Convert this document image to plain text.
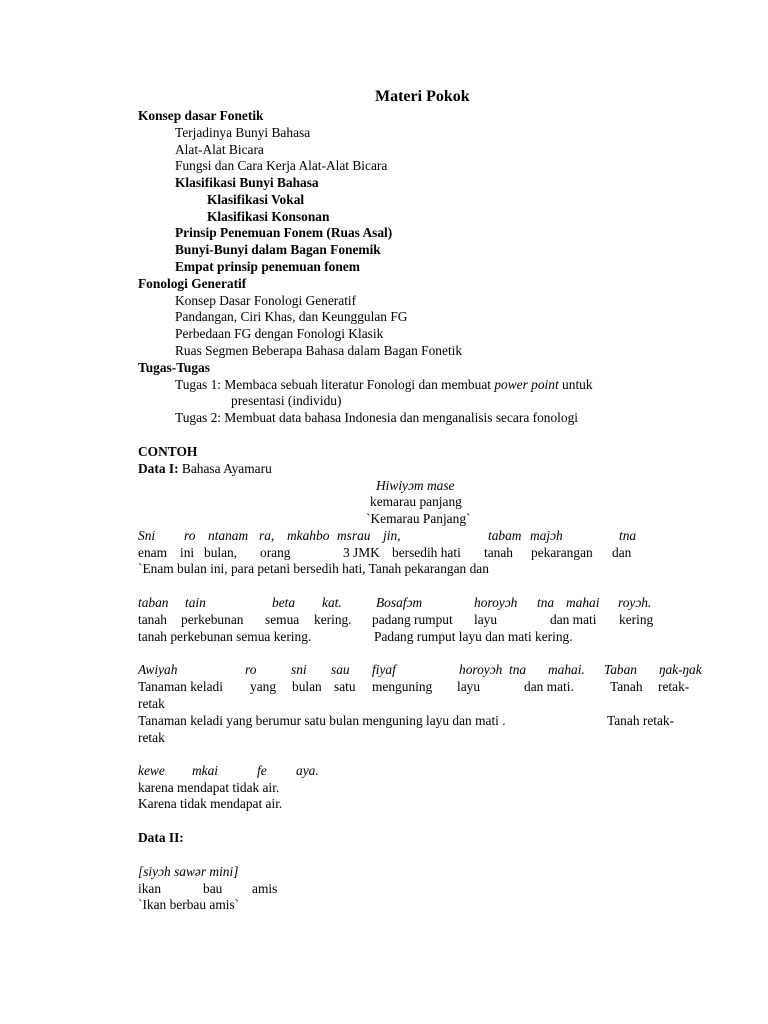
Materi Pokok
Konsep dasar Fonetik
Terjadinya Bunyi Bahasa
Alat-Alat Bicara
Fungsi dan Cara Kerja Alat-Alat Bicara
Klasifikasi Bunyi Bahasa
Klasifikasi Vokal
Klasifikasi Konsonan
Prinsip Penemuan Fonem (Ruas Asal)
Bunyi-Bunyi dalam Bagan Fonemik
Empat prinsip penemuan fonem
Fonologi Generatif
Konsep Dasar Fonologi Generatif
Pandangan, Ciri Khas, dan Keunggulan FG
Perbedaan FG dengan Fonologi Klasik
Ruas Segmen Beberapa Bahasa dalam Bagan Fonetik
Tugas-Tugas
Tugas 1: Membaca sebuah literatur Fonologi dan membuat power point untuk
presentasi (individu)
Tugas 2: Membuat data bahasa Indonesia dan menganalisis secara fonologi
CONTOH
Data I: Bahasa Ayamaru
Hiwiyɔm mase
kemarau panjang
`Kemarau Panjang`
Sni ro ntanam ra, mkahbo msrau jin,	tabam majɔh	tna
enam ini bulan, orang	3 JMK bersedih hati tanah pekarangan dan
`Enam bulan ini, para petani bersedih hati, Tanah pekarangan dan
taban tain	beta kat.	Bosafɔm	horoyɔh tna mahai royɔh.
tanah perkebunan semua kering. padang rumput layu	dan mati kering
tanah perkebunan semua kering.	Padang rumput layu dan mati kering.
Awiyah	ro	sni sau fiyaf	horoyɔh tna mahai. Taban ŋak-ŋak
Tanaman keladi yang bulan satu menguning layu	dan mati.	Tanah retak-
retak
Tanaman keladi yang berumur satu bulan menguning layu dan mati .	Tanah retak-
retak
kewe mkai	fe aya.
karena mendapat tidak air.
Karena tidak mendapat air.
Data II:
[siyɔh sawər mini]
ikan	bau amis
`Ikan berbau amis`
